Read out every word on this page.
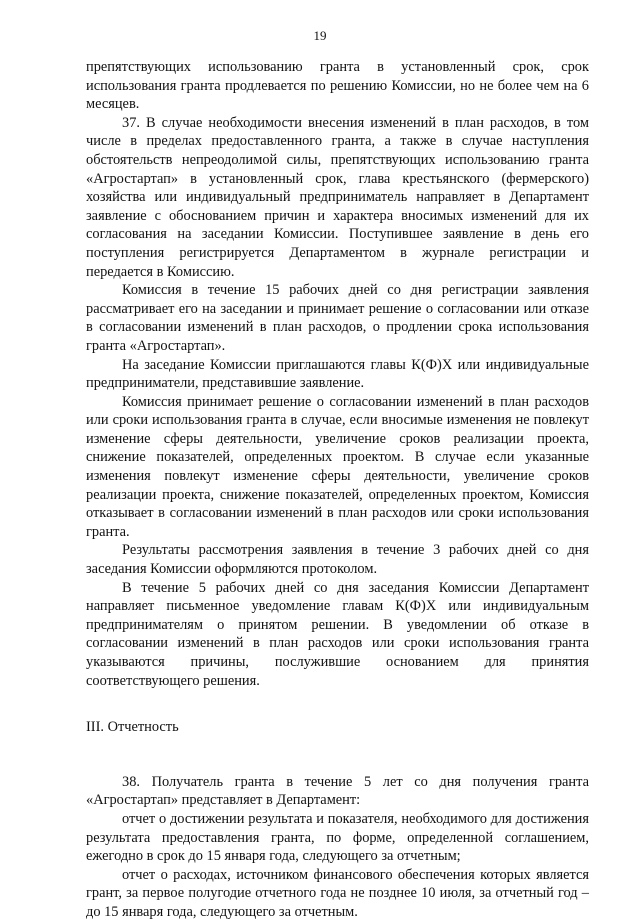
19

препятствующих использованию гранта в установленный срок, срок использования гранта продлевается по решению Комиссии, но не более чем на 6 месяцев.

37. В случае необходимости внесения изменений в план расходов, в том числе в пределах предоставленного гранта, а также в случае наступления обстоятельств непреодолимой силы, препятствующих использованию гранта «Агростартап» в установленный срок, глава крестьянского (фермерского) хозяйства или индивидуальный предприниматель направляет в Департамент заявление с обоснованием причин и характера вносимых изменений для их согласования на заседании Комиссии. Поступившее заявление в день его поступления регистрируется Департаментом в журнале регистрации и передается в Комиссию.

Комиссия в течение 15 рабочих дней со дня регистрации заявления рассматривает его на заседании и принимает решение о согласовании или отказе в согласовании изменений в план расходов, о продлении срока использования гранта «Агростартап».

На заседание Комиссии приглашаются главы К(Ф)Х или индивидуальные предприниматели, представившие заявление.

Комиссия принимает решение о согласовании изменений в план расходов или сроки использования гранта в случае, если вносимые изменения не повлекут изменение сферы деятельности, увеличение сроков реализации проекта, снижение показателей, определенных проектом. В случае если указанные изменения повлекут изменение сферы деятельности, увеличение сроков реализации проекта, снижение показателей, определенных проектом, Комиссия отказывает в согласовании изменений в план расходов или сроки использования гранта.

Результаты рассмотрения заявления в течение 3 рабочих дней со дня заседания Комиссии оформляются протоколом.

В течение 5 рабочих дней со дня заседания Комиссии Департамент направляет письменное уведомление главам К(Ф)Х или индивидуальным предпринимателям о принятом решении. В уведомлении об отказе в согласовании изменений в план расходов или сроки использования гранта указываются причины, послужившие основанием для принятия соответствующего решения.

III. Отчетность

38. Получатель гранта в течение 5 лет со дня получения гранта «Агростартап» представляет в Департамент:

отчет о достижении результата и показателя, необходимого для достижения результата предоставления гранта, по форме, определенной соглашением, ежегодно в срок до 15 января года, следующего за отчетным;

отчет о расходах, источником финансового обеспечения которых является грант, за первое полугодие отчетного года не позднее 10 июля, за отчетный год – до 15 января года, следующего за отчетным.
